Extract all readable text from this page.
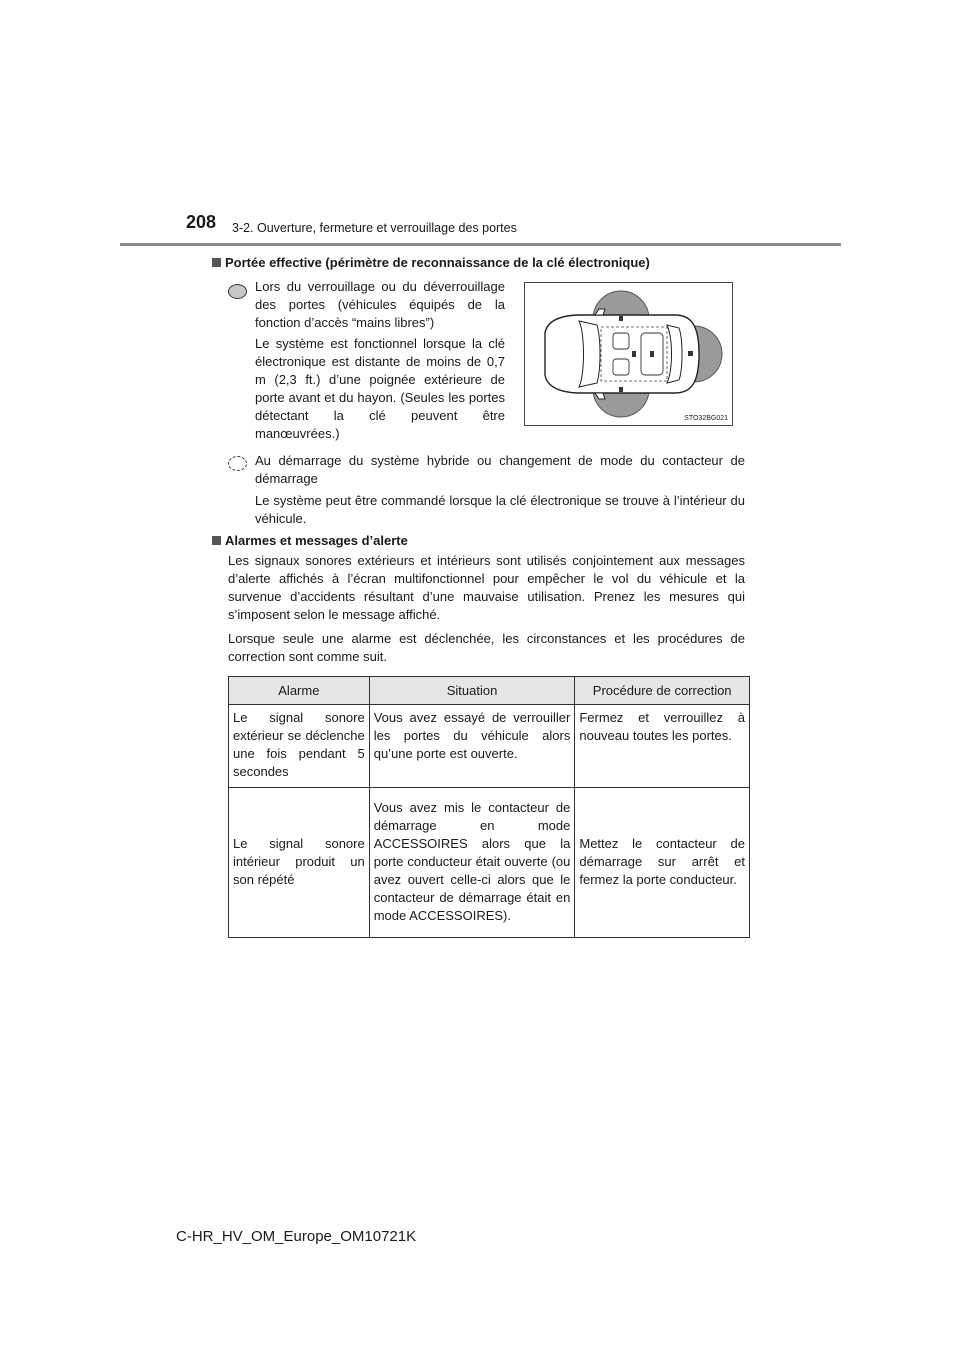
208 3-2. Ouverture, fermeture et verrouillage des portes
Portée effective (périmètre de reconnaissance de la clé électronique)
Lors du verrouillage ou du déverrouillage des portes (véhicules équipés de la fonction d’accès “mains libres”)
Le système est fonctionnel lorsque la clé électronique est distante de moins de 0,7 m (2,3 ft.) d’une poignée extérieure de porte avant et du hayon. (Seules les portes détectant la clé peuvent être manœuvrées.)
STO32BG021
Au démarrage du système hybride ou changement de mode du contacteur de démarrage
Le système peut être commandé lorsque la clé électronique se trouve à l’intérieur du véhicule.
Alarmes et messages d’alerte
Les signaux sonores extérieurs et intérieurs sont utilisés conjointement aux messages d’alerte affichés à l’écran multifonctionnel pour empêcher le vol du véhicule et la survenue d’accidents résultant d’une mauvaise utilisation. Prenez les mesures qui s’imposent selon le message affiché.
Lorsque seule une alarme est déclenchée, les circonstances et les procédures de correction sont comme suit.
Alarme	Situation	Procédure de correction
Le signal sonore extérieur se déclenche une fois pendant 5 secondes	Vous avez essayé de verrouiller les portes du véhicule alors qu’une porte est ouverte.	Fermez et verrouillez à nouveau toutes les portes.
Le signal sonore intérieur produit un son répété	Vous avez mis le contacteur de démarrage en mode ACCESSOIRES alors que la porte conducteur était ouverte (ou avez ouvert celle-ci alors que le contacteur de démarrage était en mode ACCESSOIRES).	Mettez le contacteur de démarrage sur arrêt et fermez la porte conducteur.
C-HR_HV_OM_Europe_OM10721K
